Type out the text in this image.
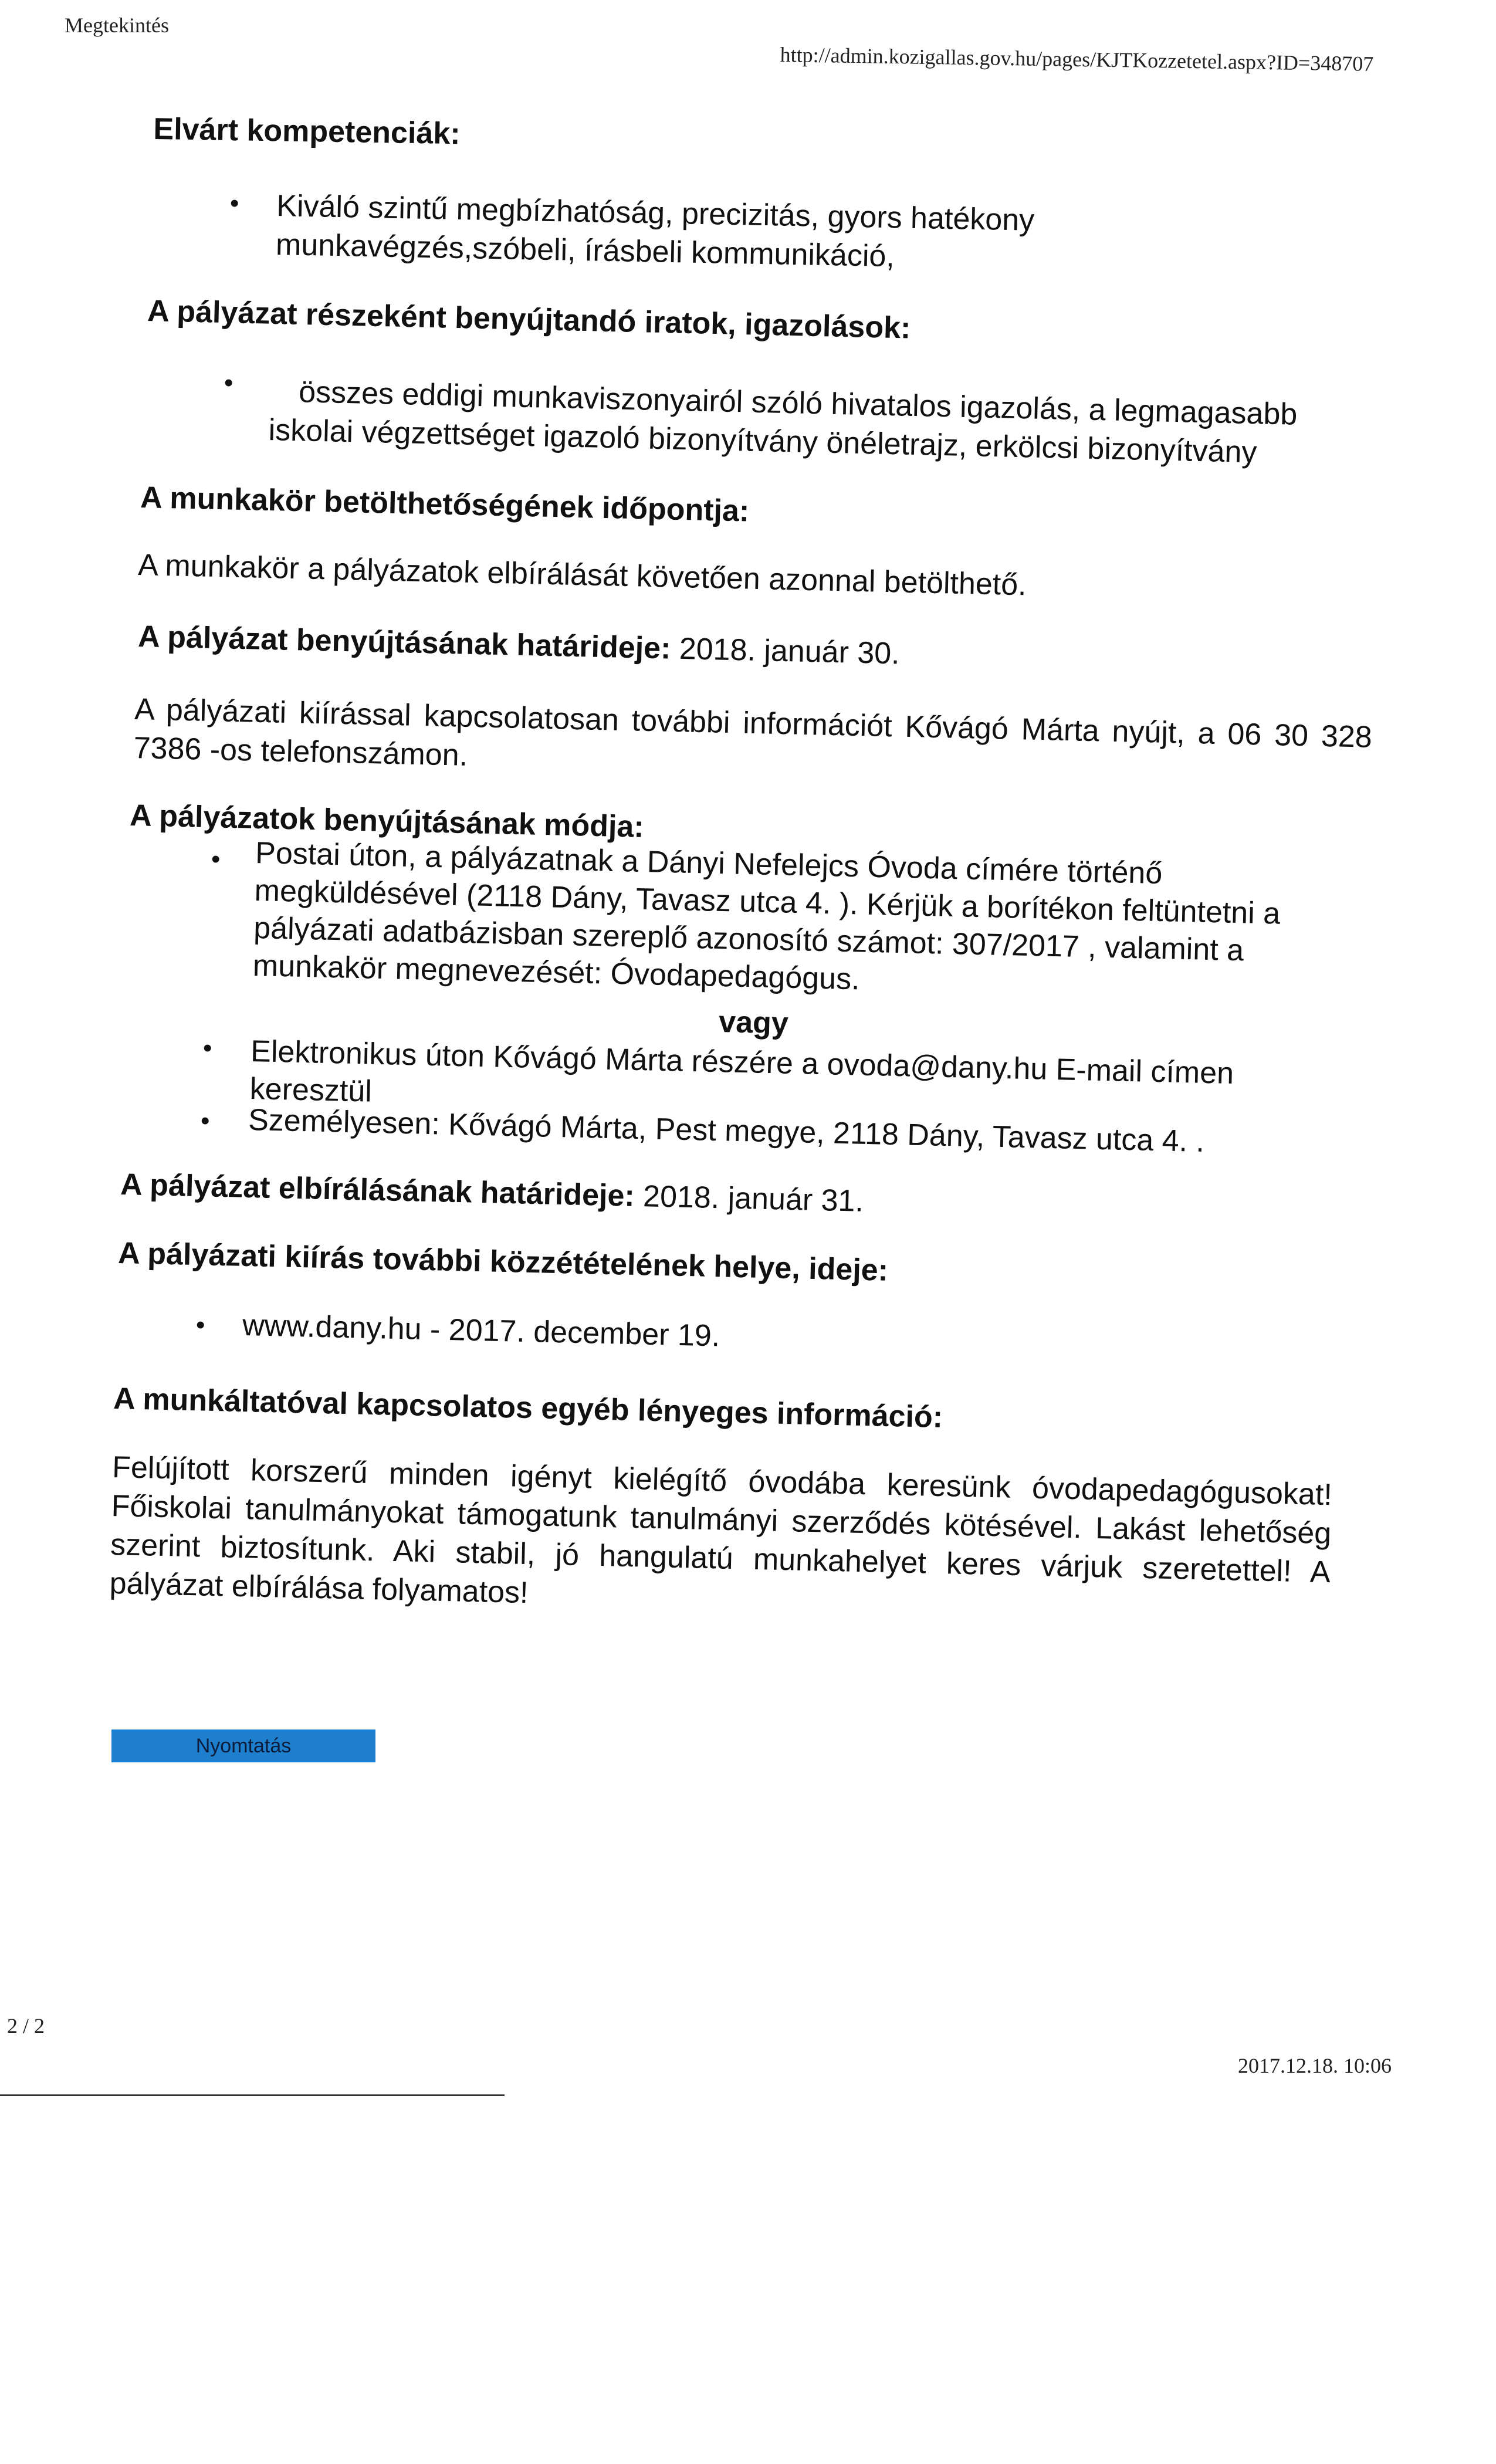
Megtekintés
http://admin.kozigallas.gov.hu/pages/KJTKozzetetel.aspx?ID=348707
Elvárt kompetenciák:
• Kiváló szintű megbízhatóság, precizitás, gyors hatékony munkavégzés,szóbeli, írásbeli kommunikáció,
A pályázat részeként benyújtandó iratok, igazolások:
•	összes eddigi munkaviszonyairól szóló hivatalos igazolás, a legmagasabb iskolai végzettséget igazoló bizonyítvány önéletrajz, erkölcsi bizonyítvány
A munkakör betölthetőségének időpontja:
A munkakör a pályázatok elbírálását követően azonnal betölthető.
A pályázat benyújtásának határideje: 2018. január 30.
A pályázati kiírással kapcsolatosan további információt Kővágó Márta nyújt, a 06 30 328 7386 -os telefonszámon.
A pályázatok benyújtásának módja:
• Postai úton, a pályázatnak a Dányi Nefelejcs Óvoda címére történő megküldésével (2118 Dány, Tavasz utca 4. ). Kérjük a borítékon feltüntetni a pályázati adatbázisban szereplő azonosító számot: 307/2017 , valamint a munkakör megnevezését: Óvodapedagógus.
vagy
• Elektronikus úton Kővágó Márta részére a ovoda@dany.hu E-mail címen keresztül
• Személyesen: Kővágó Márta, Pest megye, 2118 Dány, Tavasz utca 4. .
A pályázat elbírálásának határideje: 2018. január 31.
A pályázati kiírás további közzétételének helye, ideje:
• www.dany.hu - 2017. december 19.
A munkáltatóval kapcsolatos egyéb lényeges információ:
Felújított korszerű minden igényt kielégítő óvodába keresünk óvodapedagógusokat! Főiskolai tanulmányokat támogatunk tanulmányi szerződés kötésével. Lakást lehetőség szerint biztosítunk. Aki stabil, jó hangulatú munkahelyet keres várjuk szeretettel! A pályázat elbírálása folyamatos!
Nyomtatás
2 / 2
2017.12.18. 10:06
